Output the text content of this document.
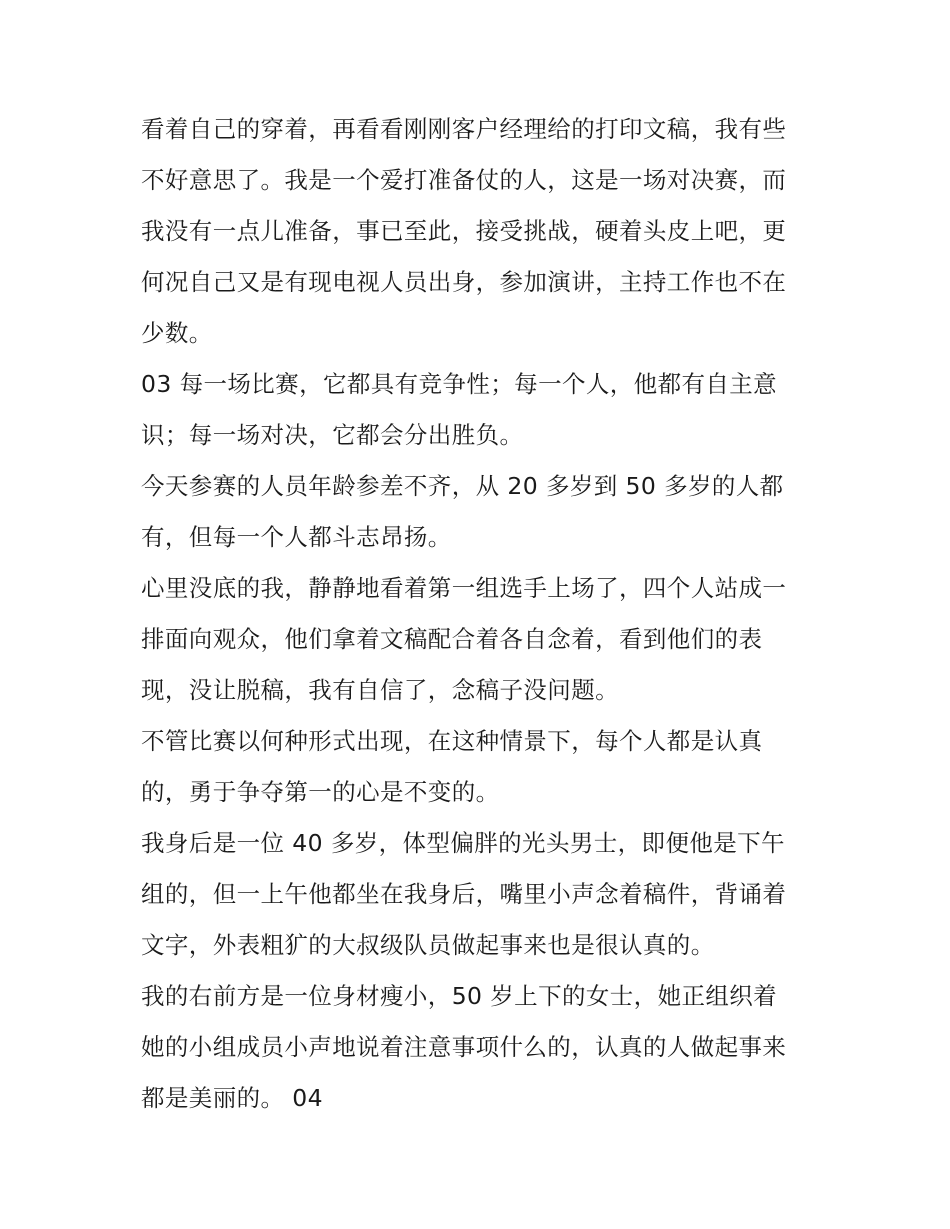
看着自己的穿着，再看看刚刚客户经理给的打印文稿，我有些
不好意思了。我是一个爱打准备仗的人，这是一场对决赛，而
我没有一点儿准备，事已至此，接受挑战，硬着头皮上吧，更
何况自己又是有现电视人员出身，参加演讲，主持工作也不在
少数。
03 每一场比赛，它都具有竞争性；每一个人，他都有自主意
识；每一场对决，它都会分出胜负。
今天参赛的人员年龄参差不齐，从 20 多岁到 50 多岁的人都
有，但每一个人都斗志昂扬。
心里没底的我，静静地看着第一组选手上场了，四个人站成一
排面向观众，他们拿着文稿配合着各自念着，看到他们的表
现，没让脱稿，我有自信了，念稿子没问题。
不管比赛以何种形式出现，在这种情景下，每个人都是认真
的，勇于争夺第一的心是不变的。
我身后是一位 40 多岁，体型偏胖的光头男士，即便他是下午
组的，但一上午他都坐在我身后，嘴里小声念着稿件，背诵着
文字，外表粗犷的大叔级队员做起事来也是很认真的。
我的右前方是一位身材瘦小，50 岁上下的女士，她正组织着
她的小组成员小声地说着注意事项什么的，认真的人做起事来
都是美丽的。 04
